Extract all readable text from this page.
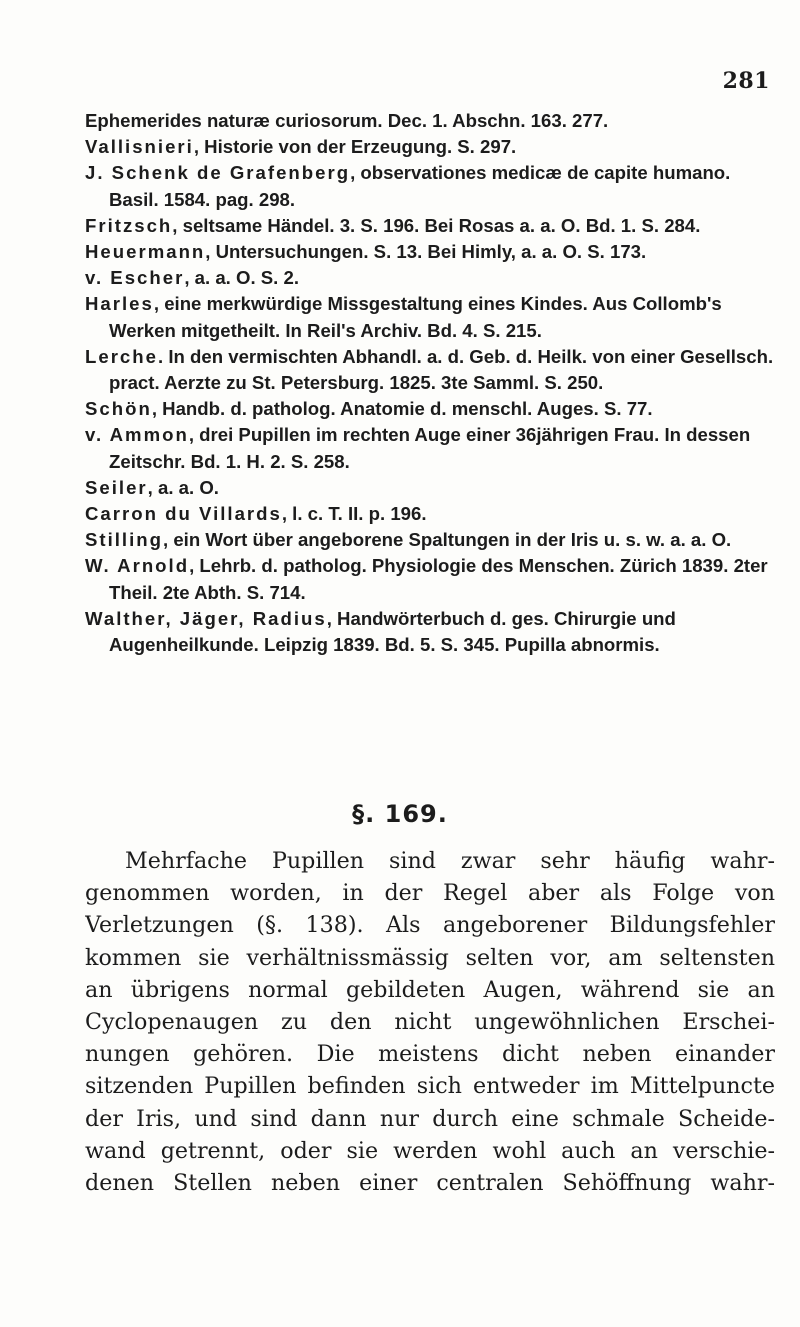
281
Ephemerides naturæ curiosorum. Dec. 1. Abschn. 163. 277.
Vallisnieri, Historie von der Erzeugung. S. 297.
J. Schenk de Grafenberg, observationes medicæ de capite humano. Basil. 1584. pag. 298.
Fritzsch, seltsame Händel. 3. S. 196. Bei Rosas a. a. O. Bd. 1. S. 284.
Heuermann, Untersuchungen. S. 13. Bei Himly, a. a. O. S. 173.
v. Escher, a. a. O. S. 2.
Harles, eine merkwürdige Missgestaltung eines Kindes. Aus Collomb's Werken mitgetheilt. In Reil's Archiv. Bd. 4. S. 215.
Lerche. In den vermischten Abhandl. a. d. Geb. d. Heilk. von einer Gesellsch. pract. Aerzte zu St. Petersburg. 1825. 3te Samml. S. 250.
Schön, Handb. d. patholog. Anatomie d. menschl. Auges. S. 77.
v. Ammon, drei Pupillen im rechten Auge einer 36jährigen Frau. In dessen Zeitschr. Bd. 1. H. 2. S. 258.
Seiler, a. a. O.
Carron du Villards, l. c. T. II. p. 196.
Stilling, ein Wort über angeborene Spaltungen in der Iris u. s. w. a. a. O.
W. Arnold, Lehrb. d. patholog. Physiologie des Menschen. Zürich 1839. 2ter Theil. 2te Abth. S. 714.
Walther, Jäger, Radius, Handwörterbuch d. ges. Chirurgie und Augenheilkunde. Leipzig 1839. Bd. 5. S. 345. Pupilla abnormis.
§. 169.
Mehrfache Pupillen sind zwar sehr häufig wahr-
genommen worden, in der Regel aber als Folge von
Verletzungen (§. 138). Als angeborener Bildungsfehler
kommen sie verhältnissmässig selten vor, am seltensten
an übrigens normal gebildeten Augen, während sie an
Cyclopenaugen zu den nicht ungewöhnlichen Erschei-
nungen gehören. Die meistens dicht neben einander
sitzenden Pupillen befinden sich entweder im Mittelpuncte
der Iris, und sind dann nur durch eine schmale Scheide-
wand getrennt, oder sie werden wohl auch an verschie-
denen Stellen neben einer centralen Sehöffnung wahr-
